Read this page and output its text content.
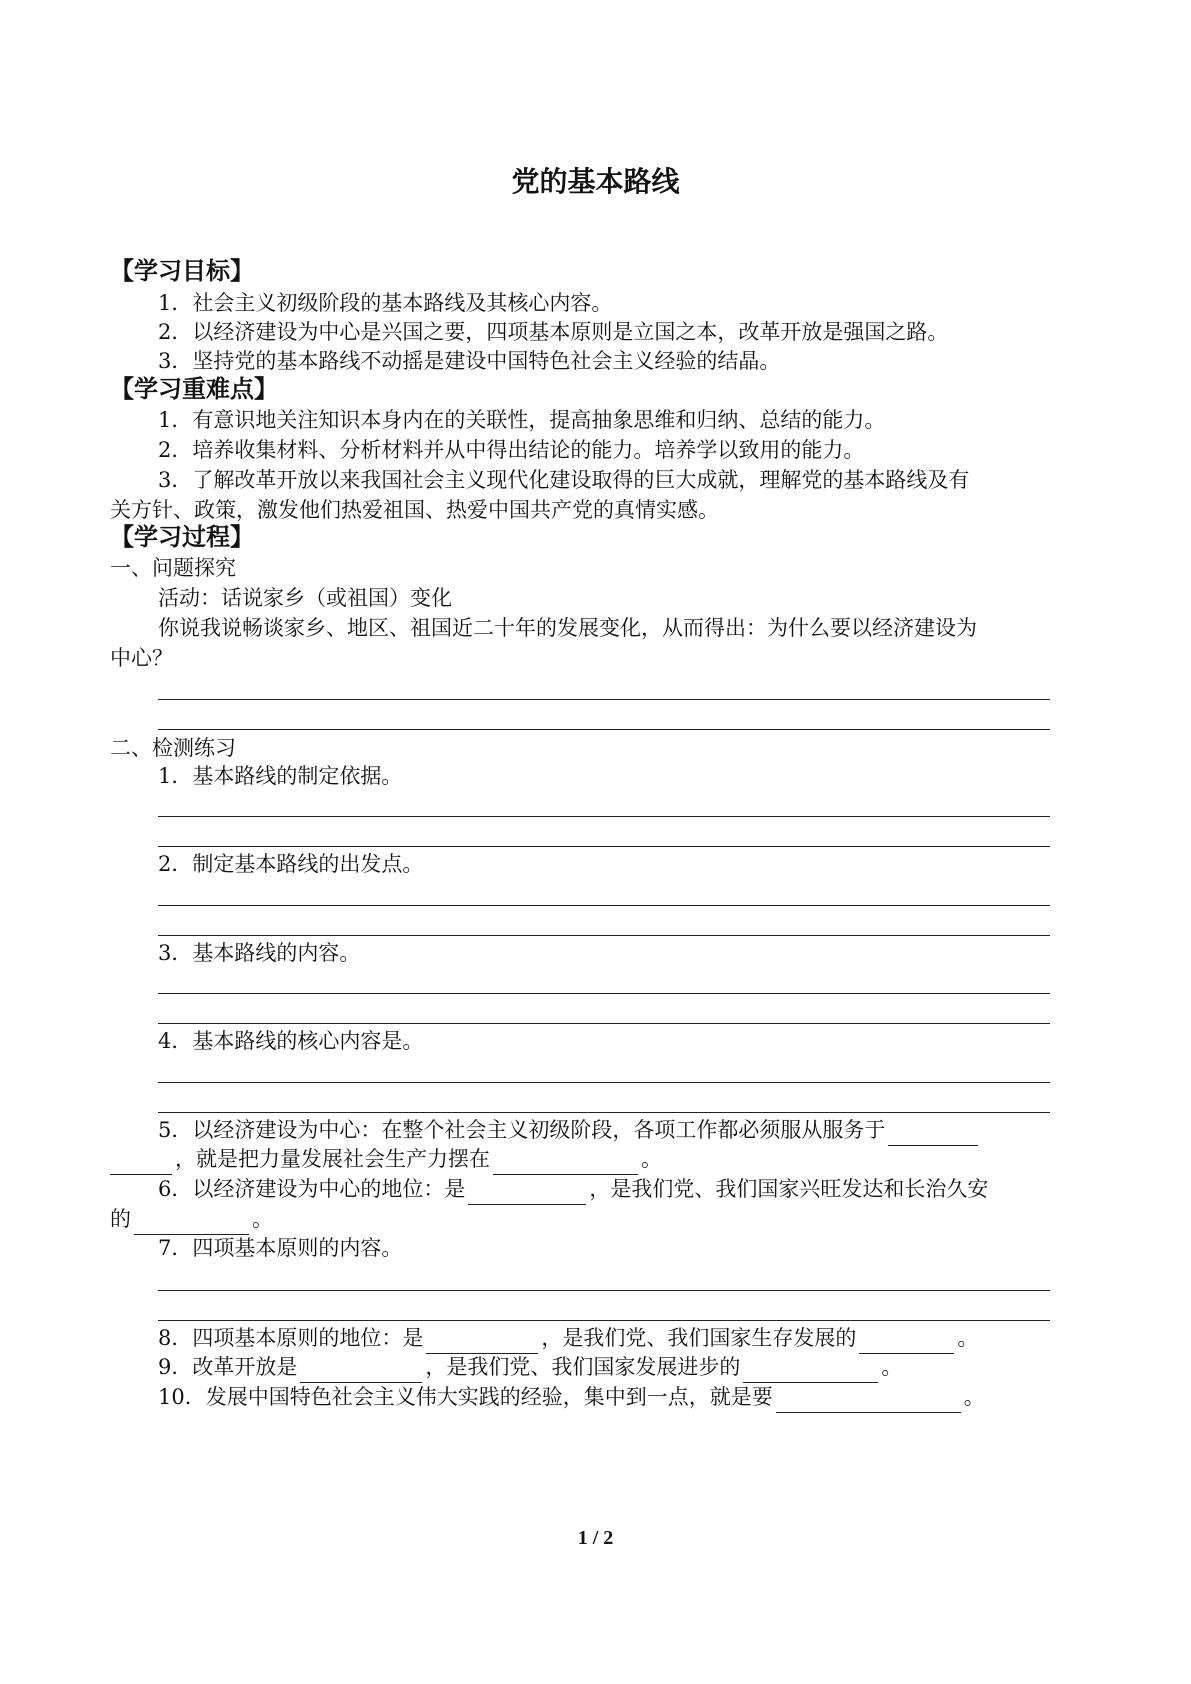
党的基本路线
【学习目标】
1．社会主义初级阶段的基本路线及其核心内容。
2．以经济建设为中心是兴国之要，四项基本原则是立国之本，改革开放是强国之路。
3．坚持党的基本路线不动摇是建设中国特色社会主义经验的结晶。
【学习重难点】
1．有意识地关注知识本身内在的关联性，提高抽象思维和归纳、总结的能力。
2．培养收集材料、分析材料并从中得出结论的能力。培养学以致用的能力。
3．了解改革开放以来我国社会主义现代化建设取得的巨大成就，理解党的基本路线及有
关方针、政策，激发他们热爱祖国、热爱中国共产党的真情实感。
【学习过程】
一、问题探究
活动：话说家乡（或祖国）变化
你说我说畅谈家乡、地区、祖国近二十年的发展变化，从而得出：为什么要以经济建设为
中心？
二、检测练习
1．基本路线的制定依据。
2．制定基本路线的出发点。
3．基本路线的内容。
4．基本路线的核心内容是。
5．以经济建设为中心：在整个社会主义初级阶段，各项工作都必须服从服务于
，就是把力量发展社会生产力摆在	。
6．以经济建设为中心的地位：是	，是我们党、我们国家兴旺发达和长治久安
的	。
7．四项基本原则的内容。
8．四项基本原则的地位：是	，是我们党、我们国家生存发展的	。
9．改革开放是	，是我们党、我们国家发展进步的	。
10．发展中国特色社会主义伟大实践的经验，集中到一点，就是要	。
1 / 2
